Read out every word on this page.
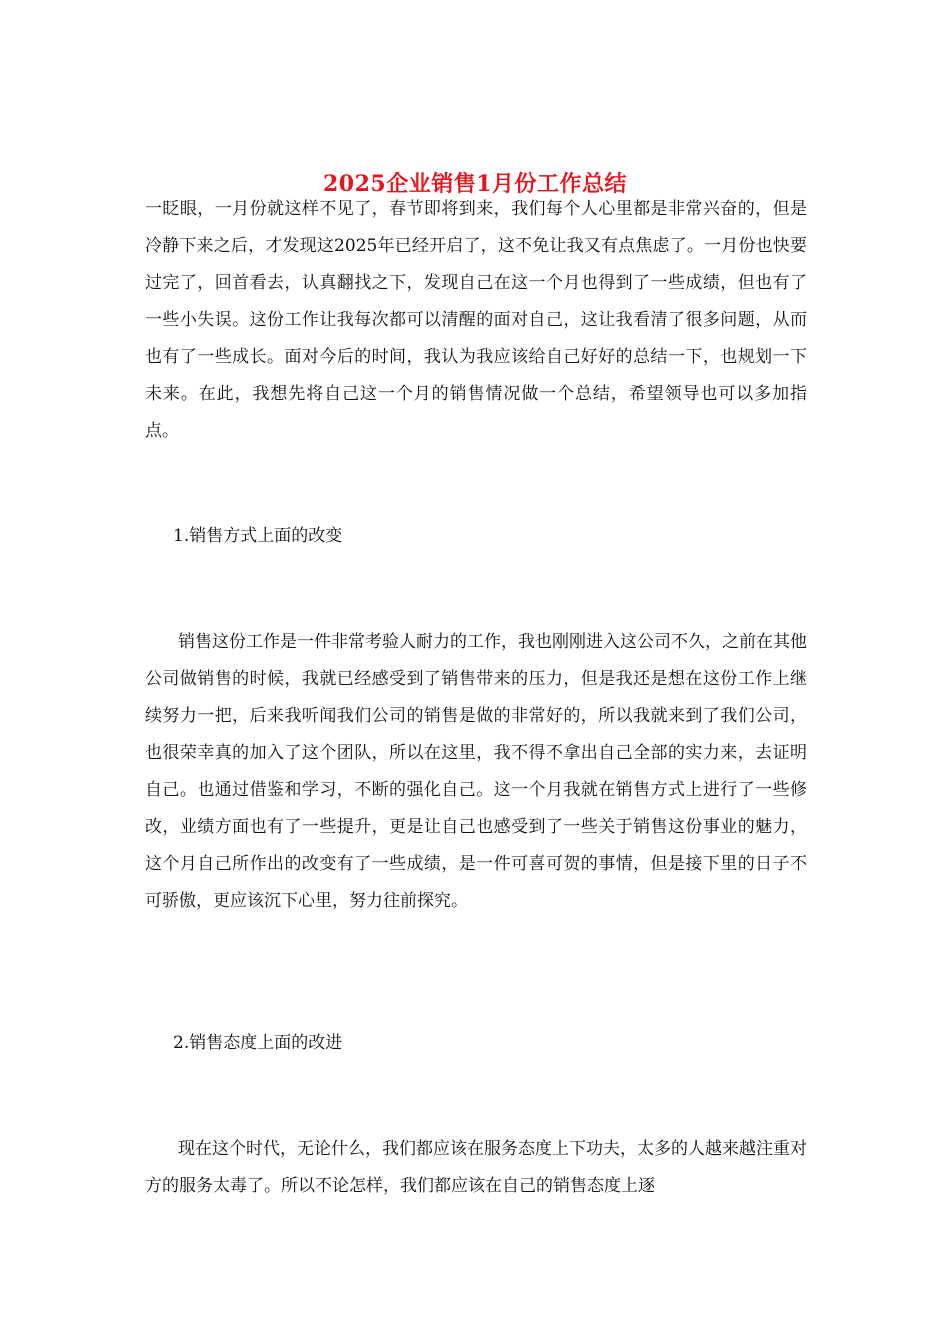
2025企业销售1月份工作总结

一眨眼，一月份就这样不见了，春节即将到来，我们每个人心里都是非常兴奋的，但是冷静下来之后，才发现这2025年已经开启了，这不免让我又有点焦虑了。一月份也快要过完了，回首看去，认真翻找之下，发现自己在这一个月也得到了一些成绩，但也有了一些小失误。这份工作让我每次都可以清醒的面对自己，这让我看清了很多问题，从而也有了一些成长。面对今后的时间，我认为我应该给自己好好的总结一下，也规划一下未来。在此，我想先将自己这一个月的销售情况做一个总结，希望领导也可以多加指点。

1.销售方式上面的改变

销售这份工作是一件非常考验人耐力的工作，我也刚刚进入这公司不久，之前在其他公司做销售的时候，我就已经感受到了销售带来的压力，但是我还是想在这份工作上继续努力一把，后来我听闻我们公司的销售是做的非常好的，所以我就来到了我们公司，也很荣幸真的加入了这个团队，所以在这里，我不得不拿出自己全部的实力来，去证明自己。也通过借鉴和学习，不断的强化自己。这一个月我就在销售方式上进行了一些修改，业绩方面也有了一些提升，更是让自己也感受到了一些关于销售这份事业的魅力，这个月自己所作出的改变有了一些成绩，是一件可喜可贺的事情，但是接下里的日子不可骄傲，更应该沉下心里，努力往前探究。

2.销售态度上面的改进

现在这个时代，无论什么，我们都应该在服务态度上下功夫，太多的人越来越注重对方的服务太毒了。所以不论怎样，我们都应该在自己的销售态度上逐
